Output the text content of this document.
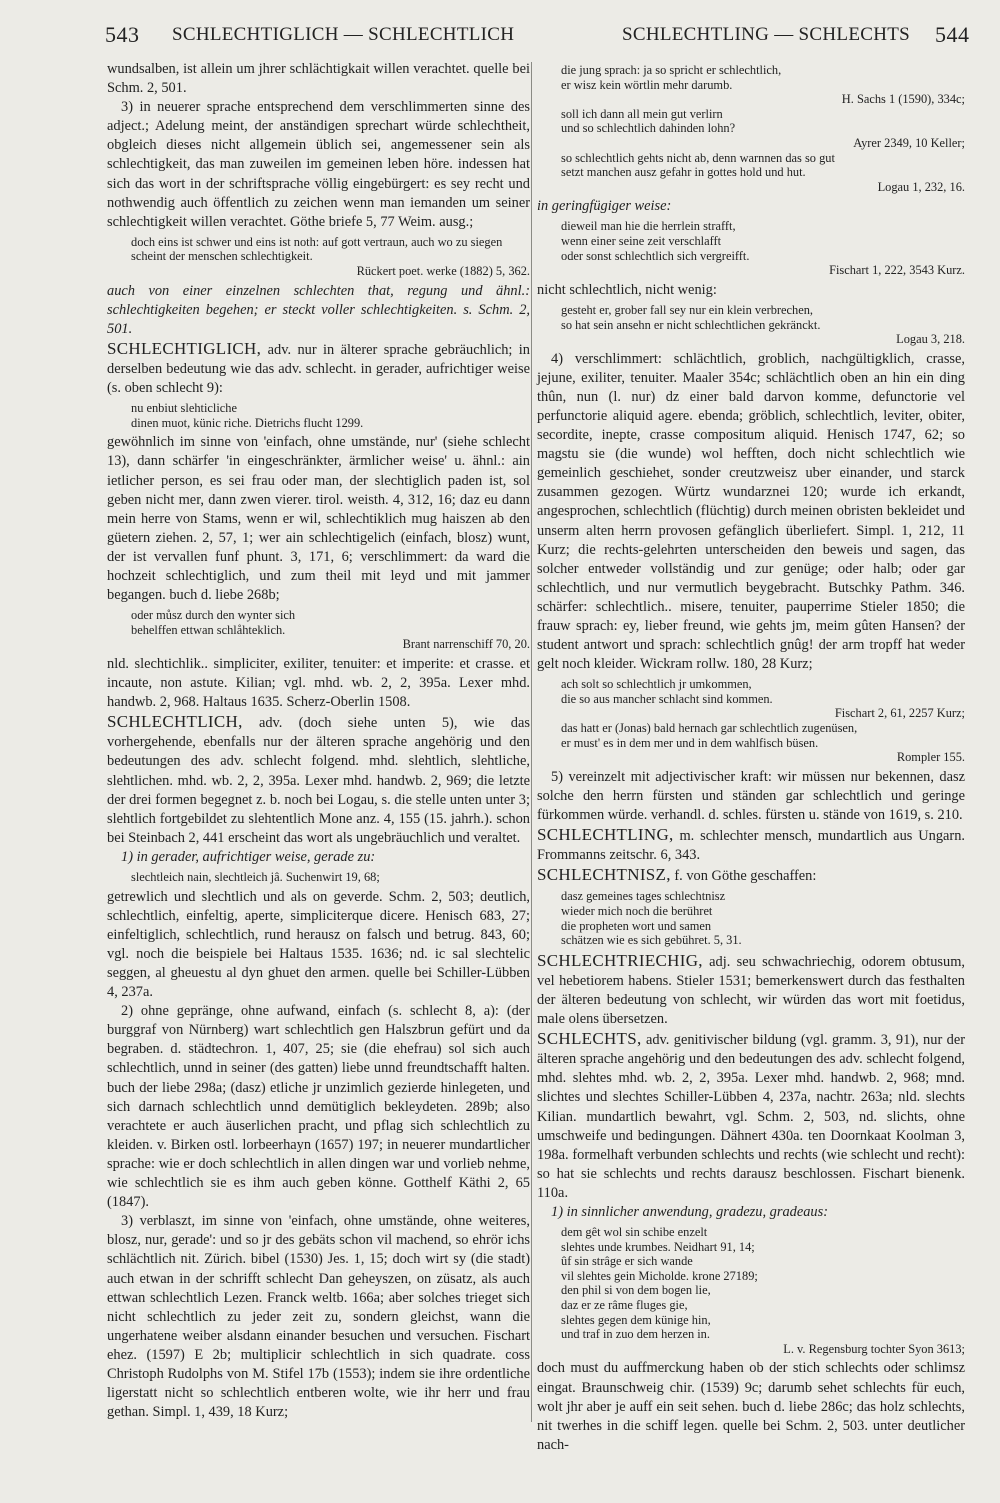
543 SCHLECHTIGLICH — SCHLECHTLICH	SCHLECHTLING — SCHLECHTS 544

wundsalben, ist allein um jhrer schlächtigkait willen verachtet. quelle bei Schm. 2, 501.

3) in neuerer sprache entsprechend dem verschlimmerten sinne des adject.; Adelung meint, der anständigen sprechart würde schlechtheit, obgleich dieses nicht allgemein üblich sei, angemessener sein als schlechtigkeit, das man zuweilen im gemeinen leben höre. indessen hat sich das wort in der schriftsprache völlig eingebürgert: es sey recht und nothwendig auch öffentlich zu zeichen wenn man iemanden um seiner schlechtigkeit willen verachtet. Göthe briefe 5, 77 Weim. ausg.;

doch eins ist schwer und eins ist noth: auf gott vertraun, auch wo zu siegen scheint der menschen schlechtigkeit.
Rückert poet. werke (1882) 5, 362.

auch von einer einzelnen schlechten that, regung und ähnl.: schlechtigkeiten begehen; er steckt voller schlechtigkeiten. s. Schm. 2, 501.

SCHLECHTIGLICH, adv. nur in älterer sprache gebräuchlich; in derselben bedeutung wie das adv. schlecht. in gerader, aufrichtiger weise (s. oben schlecht 9):

nu enbiut slehticliche
dinen muot, künic riche. Dietrichs flucht 1299.

gewöhnlich im sinne von 'einfach, ohne umstände, nur' (siehe schlecht 13), dann schärfer 'in eingeschränkter, ärmlicher weise' u. ähnl.: ain ietlicher person, es sei frau oder man, der slechtiglich paden ist, sol geben nicht mer, dann zwen vierer. tirol. weisth. 4, 312, 16; daz eu dann mein herre von Stams, wenn er wil, schlechtiklich mug haiszen ab den güetern ziehen. 2, 57, 1; wer ain schlechtigelich (einfach, blosz) wunt, der ist vervallen funf phunt. 3, 171, 6; verschlimmert: da ward die hochzeit schlechtiglich, und zum theil mit leyd und mit jammer begangen. buch d. liebe 268b;

oder můsz durch den wynter sich
behelffen ettwan schlåhteklich.
Brant narrenschiff 70, 20.

nld. slechtichlik.. simpliciter, exiliter, tenuiter: et imperite: et crasse. et incaute, non astute. Kilian; vgl. mhd. wb. 2, 2, 395a. Lexer mhd. handwb. 2, 968. Haltaus 1635. Scherz-Oberlin 1508.

SCHLECHTLICH, adv. (doch siehe unten 5), wie das vorhergehende, ebenfalls nur der älteren sprache angehörig und den bedeutungen des adv. schlecht folgend. mhd. slehtlich, slehtliche, slehtlichen. mhd. wb. 2, 2, 395a. Lexer mhd. handwb. 2, 969; die letzte der drei formen begegnet z. b. noch bei Logau, s. die stelle unten unter 3; slehtlich fortgebildet zu slehtentlich Mone anz. 4, 155 (15. jahrh.). schon bei Steinbach 2, 441 erscheint das wort als ungebräuchlich und veraltet.

1) in gerader, aufrichtiger weise, gerade zu:

slechtleich nain, slechtleich jâ. Suchenwirt 19, 68;

getrewlich und slechtlich und als on geverde. Schm. 2, 503; deutlich, schlechtlich, einfeltig, aperte, simpliciterque dicere. Henisch 683, 27; einfeltiglich, schlechtlich, rund herausz on falsch und betrug. 843, 60; vgl. noch die beispiele bei Haltaus 1535. 1636; nd. ic sal slechtelic seggen, al gheuestu al dyn ghuet den armen. quelle bei Schiller-Lübben 4, 237a.

2) ohne gepränge, ohne aufwand, einfach (s. schlecht 8, a): (der burggraf von Nürnberg) wart schlechtlich gen Halszbrun gefürt und da begraben. d. städtechron. 1, 407, 25; sie (die ehefrau) sol sich auch schlechtlich, unnd in seiner (des gatten) liebe unnd freundtschafft halten. buch der liebe 298a; (dasz) etliche jr unzimlich gezierde hinlegeten, und sich darnach schlechtlich unnd demütiglich bekleydeten. 289b; also verachtete er auch äuserlichen pracht, und pflag sich schlechtlich zu kleiden. v. Birken ostl. lorbeerhayn (1657) 197; in neuerer mundartlicher sprache: wie er doch schlechtlich in allen dingen war und vorlieb nehme, wie schlechtlich sie es ihm auch geben könne. Gotthelf Käthi 2, 65 (1847).

3) verblaszt, im sinne von 'einfach, ohne umstände, ohne weiteres, blosz, nur, gerade': und so jr des gebäts schon vil machend, so ehrör ichs schlächtlich nit. Zürich. bibel (1530) Jes. 1, 15; doch wirt sy (die stadt) auch etwan in der schrifft schlecht Dan geheyszen, on züsatz, als auch ettwan schlechtlich Lezen. Franck weltb. 166a; aber solches trieget sich nicht schlechtlich zu jeder zeit zu, sondern gleichst, wann die ungerhatene weiber alsdann einander besuchen und versuchen. Fischart ehez. (1597) E 2b; multiplicir schlechtlich in sich quadrate. coss Christoph Rudolphs von M. Stifel 17b (1553); indem sie ihre ordentliche ligerstatt nicht so schlechtlich entberen wolte, wie ihr herr und frau gethan. Simpl. 1, 439, 18 Kurz;

die jung sprach: ja so spricht er schlechtlich,
er wisz kein wörtlin mehr darumb.
H. Sachs 1 (1590), 334c;
soll ich dann all mein gut verlirn
und so schlechtlich dahinden lohn?
Ayrer 2349, 10 Keller;
so schlechtlich gehts nicht ab, denn warnnen das so gut
setzt manchen ausz gefahr in gottes hold und hut.
Logau 1, 232, 16.

in geringfügiger weise:

dieweil man hie die herrlein strafft,
wenn einer seine zeit verschlafft
oder sonst schlechtlich sich vergreifft.
Fischart 1, 222, 3543 Kurz.

nicht schlechtlich, nicht wenig:

gesteht er, grober fall sey nur ein klein verbrechen,
so hat sein ansehn er nicht schlechtlichen gekränckt.
Logau 3, 218.

4) verschlimmert: schlächtlich, groblich, nachgültigklich, crasse, jejune, exiliter, tenuiter. Maaler 354c; schlächtlich oben an hin ein ding thûn, nun (l. nur) dz einer bald darvon komme, defunctorie vel perfunctorie aliquid agere. ebenda; gröblich, schlechtlich, leviter, obiter, secordite, inepte, crasse compositum aliquid. Henisch 1747, 62; so magstu sie (die wunde) wol hefften, doch nicht schlechtlich wie gemeinlich geschiehet, sonder creutzweisz uber einander, und starck zusammen gezogen. Würtz wundarznei 120; wurde ich erkandt, angesprochen, schlechtlich (flüchtig) durch meinen obristen bekleidet und unserm alten herrn provosen gefänglich überliefert. Simpl. 1, 212, 11 Kurz; die rechts-gelehrten unterscheiden den beweis und sagen, das solcher entweder vollständig und zur genüge; oder halb; oder gar schlechtlich, und nur vermutlich beygebracht. Butschky Pathm. 346. schärfer: schlechtlich.. misere, tenuiter, pauperrime Stieler 1850; die frauw sprach: ey, lieber freund, wie gehts jm, meim gûten Hansen? der student antwort und sprach: schlechtlich gnûg! der arm tropff hat weder gelt noch kleider. Wickram rollw. 180, 28 Kurz;

ach solt so schlechtlich jr umkommen,
die so aus mancher schlacht sind kommen.
Fischart 2, 61, 2257 Kurz;
das hatt er (Jonas) bald hernach gar schlechtlich zugenüsen,
er must' es in dem mer und in dem wahlfisch büsen.
Rompler 155.

5) vereinzelt mit adjectivischer kraft: wir müssen nur bekennen, dasz solche den herrn fürsten und ständen gar schlechtlich und geringe fürkommen würde. verhandl. d. schles. fürsten u. stände von 1619, s. 210.

SCHLECHTLING, m. schlechter mensch, mundartlich aus Ungarn. Frommanns zeitschr. 6, 343.

SCHLECHTNISZ, f. von Göthe geschaffen:

dasz gemeines tages schlechtnisz
wieder mich noch die berühret
die propheten wort und samen
schätzen wie es sich gebühret. 5, 31.

SCHLECHTRIECHIG, adj. seu schwachriechig, odorem obtusum, vel hebetiorem habens. Stieler 1531; bemerkenswert durch das festhalten der älteren bedeutung von schlecht, wir würden das wort mit foetidus, male olens übersetzen.

SCHLECHTS, adv. genitivischer bildung (vgl. gramm. 3, 91), nur der älteren sprache angehörig und den bedeutungen des adv. schlecht folgend, mhd. slehtes mhd. wb. 2, 2, 395a. Lexer mhd. handwb. 2, 968; mnd. slichtes und slechtes Schiller-Lübben 4, 237a, nachtr. 263a; nld. slechts Kilian. mundartlich bewahrt, vgl. Schm. 2, 503, nd. slichts, ohne umschweife und bedingungen. Dähnert 430a. ten Doornkaat Koolman 3, 198a. formelhaft verbunden schlechts und rechts (wie schlecht und recht): so hat sie schlechts und rechts darausz beschlossen. Fischart bienenk. 110a.

1) in sinnlicher anwendung, gradezu, gradeaus:

dem gêt wol sin schibe enzelt
slehtes unde krumbes. Neidhart 91, 14;
ûf sin strâge er sich wande
vil slehtes gein Micholde. krone 27189;
den phil si von dem bogen lie,
daz er ze râme fluges gie,
slehtes gegen dem künige hin,
und traf in zuo dem herzen in.
L. v. Regensburg tochter Syon 3613;

doch must du auffmerckung haben ob der stich schlechts oder schlimsz eingat. Braunschweig chir. (1539) 9c; darumb sehet schlechts für euch, wolt jhr aber je auff ein seit sehen. buch d. liebe 286c; das holz schlechts, nit twerhes in die schiff legen. quelle bei Schm. 2, 503. unter deutlicher nach-
